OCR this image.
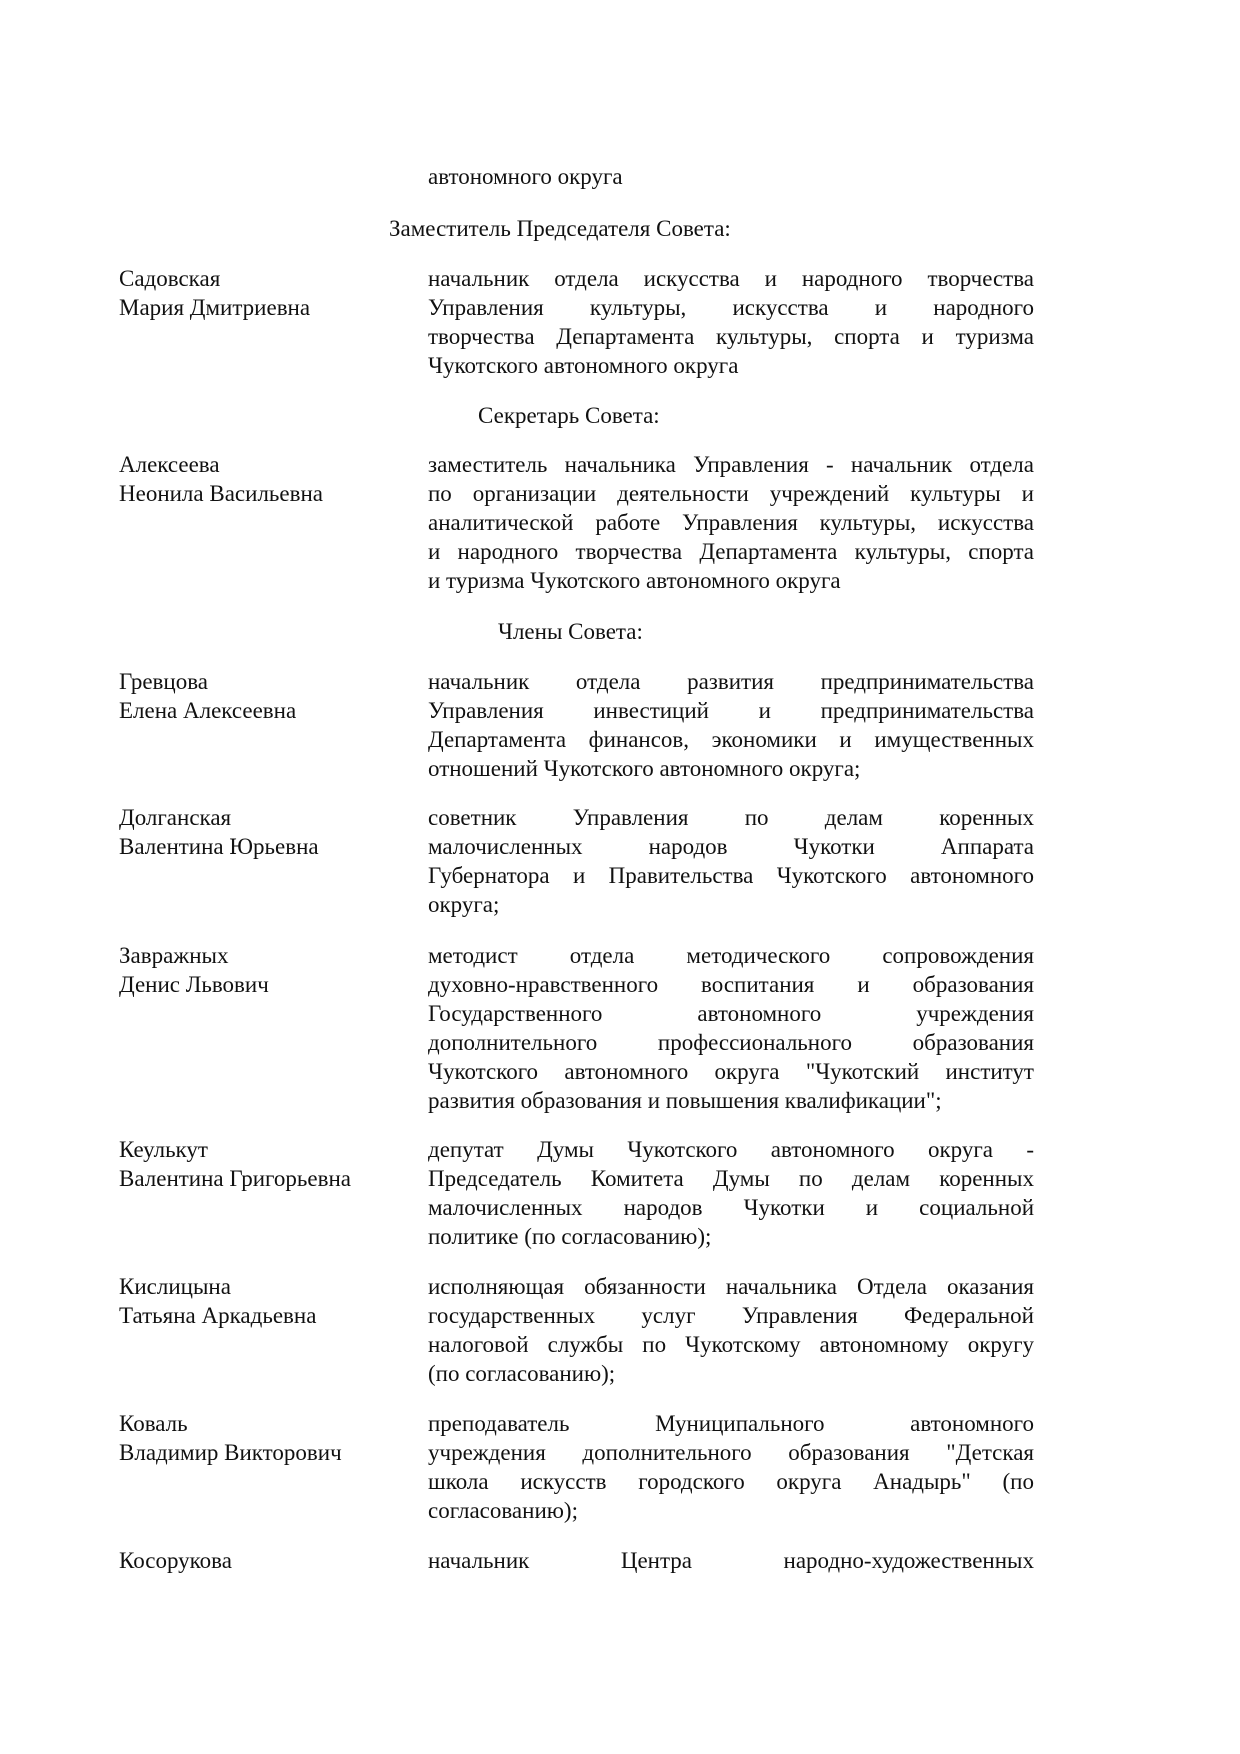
автономного округа
Заместитель Председателя Совета:
Секретарь Совета:
Члены Совета:
Садовская
Мария Дмитриевна
начальник отдела искусства и народного творчества
Управления культуры, искусства и народного
творчества Департамента культуры, спорта и туризма
Чукотского автономного округа
Алексеева
Неонила Васильевна
заместитель начальника Управления - начальник отдела
по организации деятельности учреждений культуры и
аналитической работе Управления культуры, искусства
и народного творчества Департамента культуры, спорта
и туризма Чукотского автономного округа
Гревцова
Елена Алексеевна
начальник отдела развития предпринимательства
Управления инвестиций и предпринимательства
Департамента финансов, экономики и имущественных
отношений Чукотского автономного округа;
Долганская
Валентина Юрьевна
советник Управления по делам коренных
малочисленных народов Чукотки Аппарата
Губернатора и Правительства Чукотского автономного
округа;
Завражных
Денис Львович
методист отдела методического сопровождения
духовно-нравственного воспитания и образования
Государственного автономного учреждения
дополнительного профессионального образования
Чукотского автономного округа "Чукотский институт
развития образования и повышения квалификации";
Кеулькут
Валентина Григорьевна
депутат Думы Чукотского автономного округа -
Председатель Комитета Думы по делам коренных
малочисленных народов Чукотки и социальной
политике (по согласованию);
Кислицына
Татьяна Аркадьевна
исполняющая обязанности начальника Отдела оказания
государственных услуг Управления Федеральной
налоговой службы по Чукотскому автономному округу
(по согласованию);
Коваль
Владимир Викторович
преподаватель Муниципального автономного
учреждения дополнительного образования "Детская
школа искусств городского округа Анадырь" (по
согласованию);
Косорукова	начальник Центра народно-художественных
